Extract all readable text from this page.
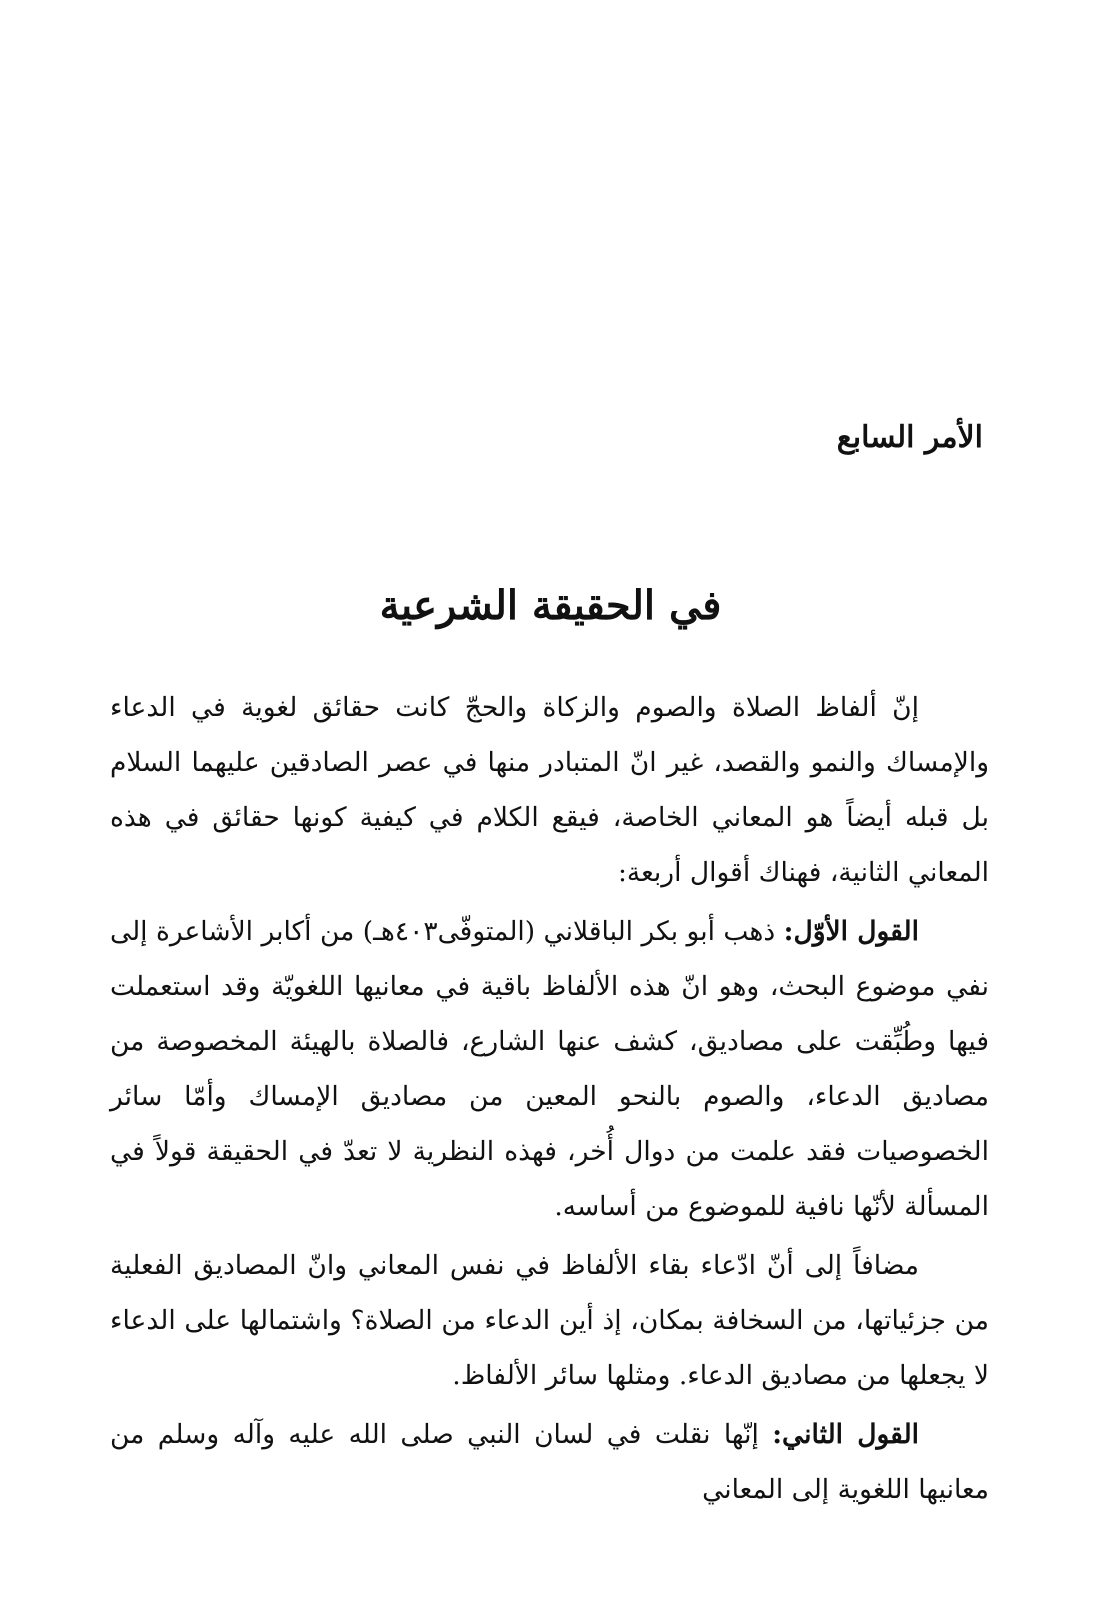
الأمر السابع
في الحقيقة الشرعية

إنّ ألفاظ الصلاة والصوم والزكاة والحجّ كانت حقائق لغوية في الدعاء والإمساك والنمو والقصد، غير انّ المتبادر منها في عصر الصادقين عليهما السلام بل قبله أيضاً هو المعاني الخاصة، فيقع الكلام في كيفية كونها حقائق في هذه المعاني الثانية، فهناك أقوال أربعة:

القول الأوّل: ذهب أبو بكر الباقلاني (المتوفّى٤٠٣هـ) من أكابر الأشاعرة إلى نفي موضوع البحث، وهو انّ هذه الألفاظ باقية في معانيها اللغويّة وقد استعملت فيها وطُبِّقت على مصاديق، كشف عنها الشارع، فالصلاة بالهيئة المخصوصة من مصاديق الدعاء، والصوم بالنحو المعين من مصاديق الإمساك وأمّا سائر الخصوصيات فقد علمت من دوال أُخر، فهذه النظرية لا تعدّ في الحقيقة قولاً في المسألة لأنّها نافية للموضوع من أساسه.

مضافاً إلى أنّ ادّعاء بقاء الألفاظ في نفس المعاني وانّ المصاديق الفعلية من جزئياتها، من السخافة بمكان، إذ أين الدعاء من الصلاة؟ واشتمالها على الدعاء لا يجعلها من مصاديق الدعاء. ومثلها سائر الألفاظ.

القول الثاني: إنّها نقلت في لسان النبي صلى الله عليه وآله وسلم من معانيها اللغوية إلى المعاني
